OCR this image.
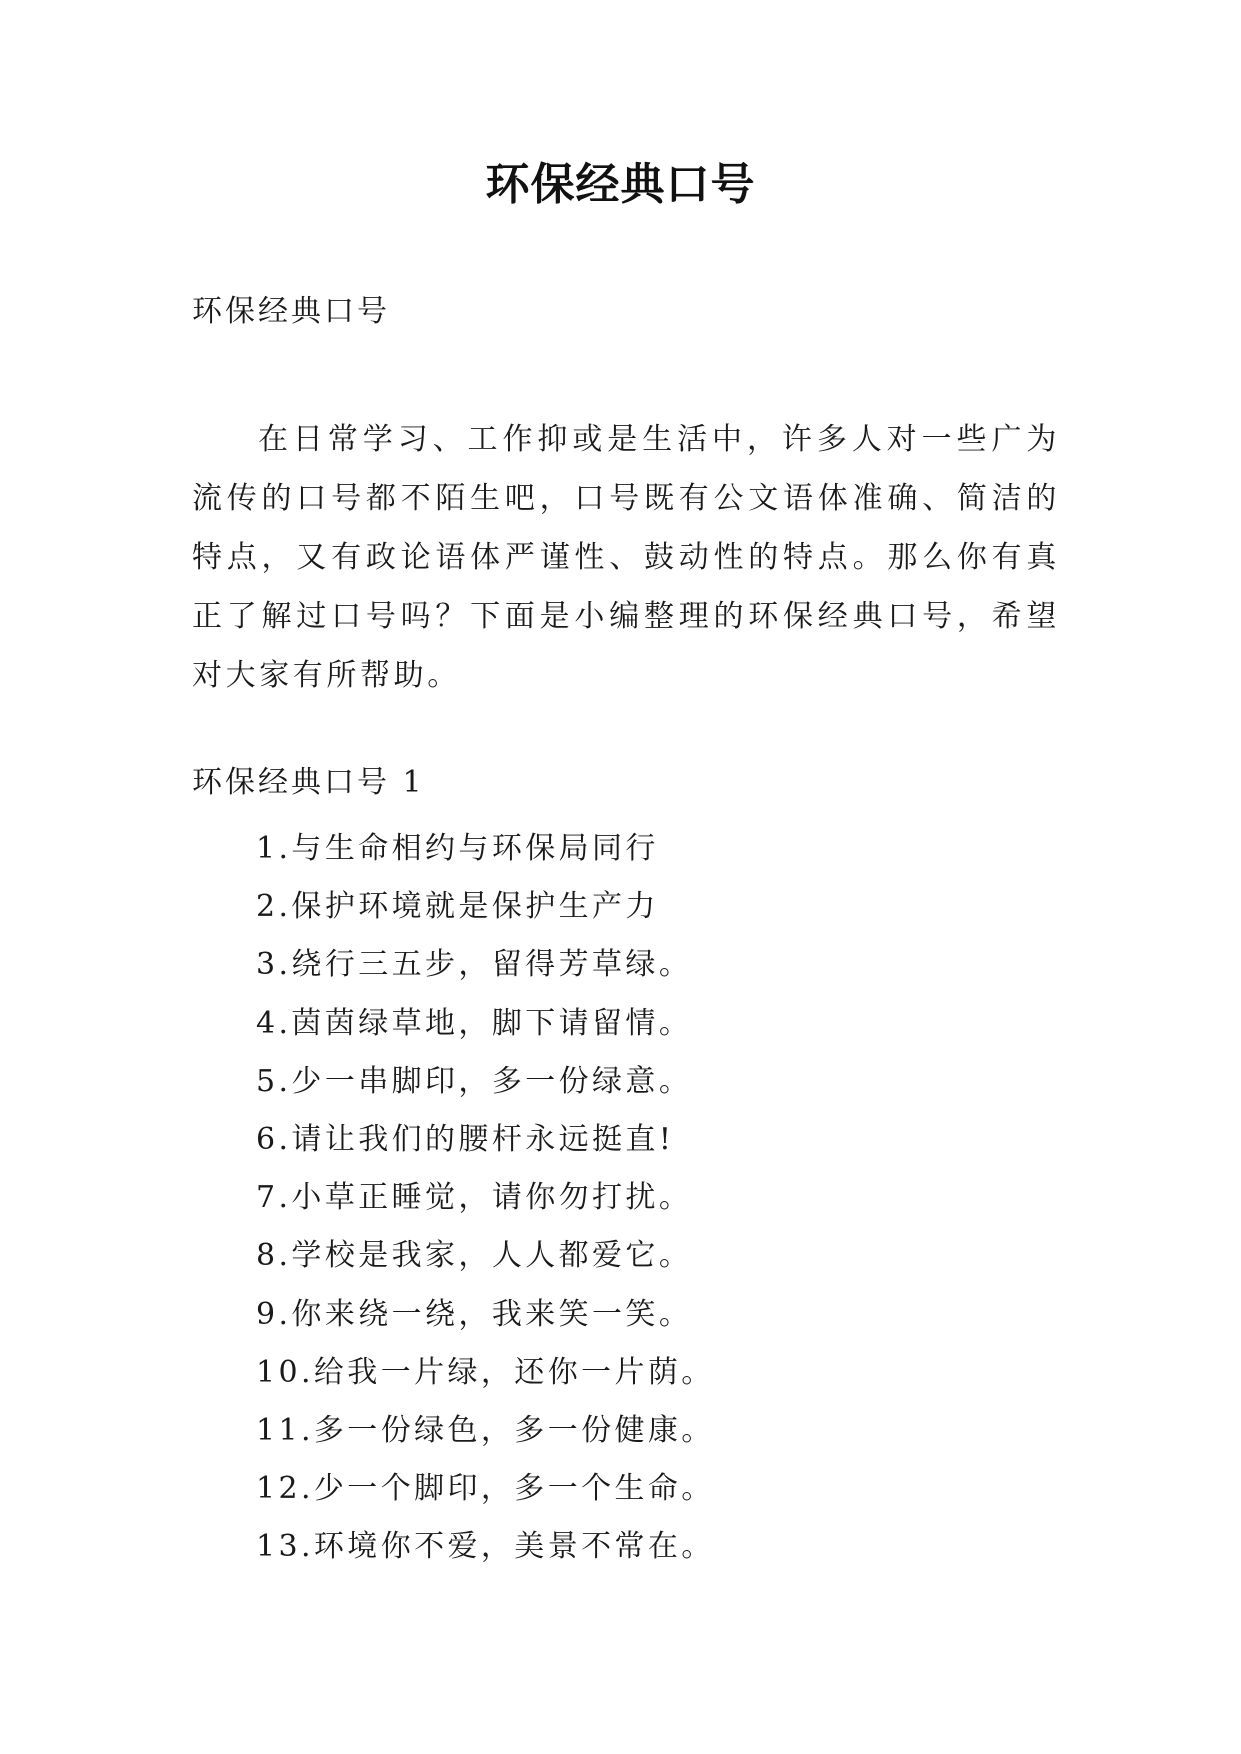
环保经典口号
环保经典口号

在日常学习、工作抑或是生活中，许多人对一些广为流传的口号都不陌生吧，口号既有公文语体准确、简洁的特点，又有政论语体严谨性、鼓动性的特点。那么你有真正了解过口号吗？下面是小编整理的环保经典口号，希望对大家有所帮助。

环保经典口号 1
1.与生命相约与环保局同行
2.保护环境就是保护生产力
3.绕行三五步，留得芳草绿。
4.茵茵绿草地，脚下请留情。
5.少一串脚印，多一份绿意。
6.请让我们的腰杆永远挺直!
7.小草正睡觉，请你勿打扰。
8.学校是我家，人人都爱它。
9.你来绕一绕，我来笑一笑。
10.给我一片绿，还你一片荫。
11.多一份绿色，多一份健康。
12.少一个脚印，多一个生命。
13.环境你不爱，美景不常在。
